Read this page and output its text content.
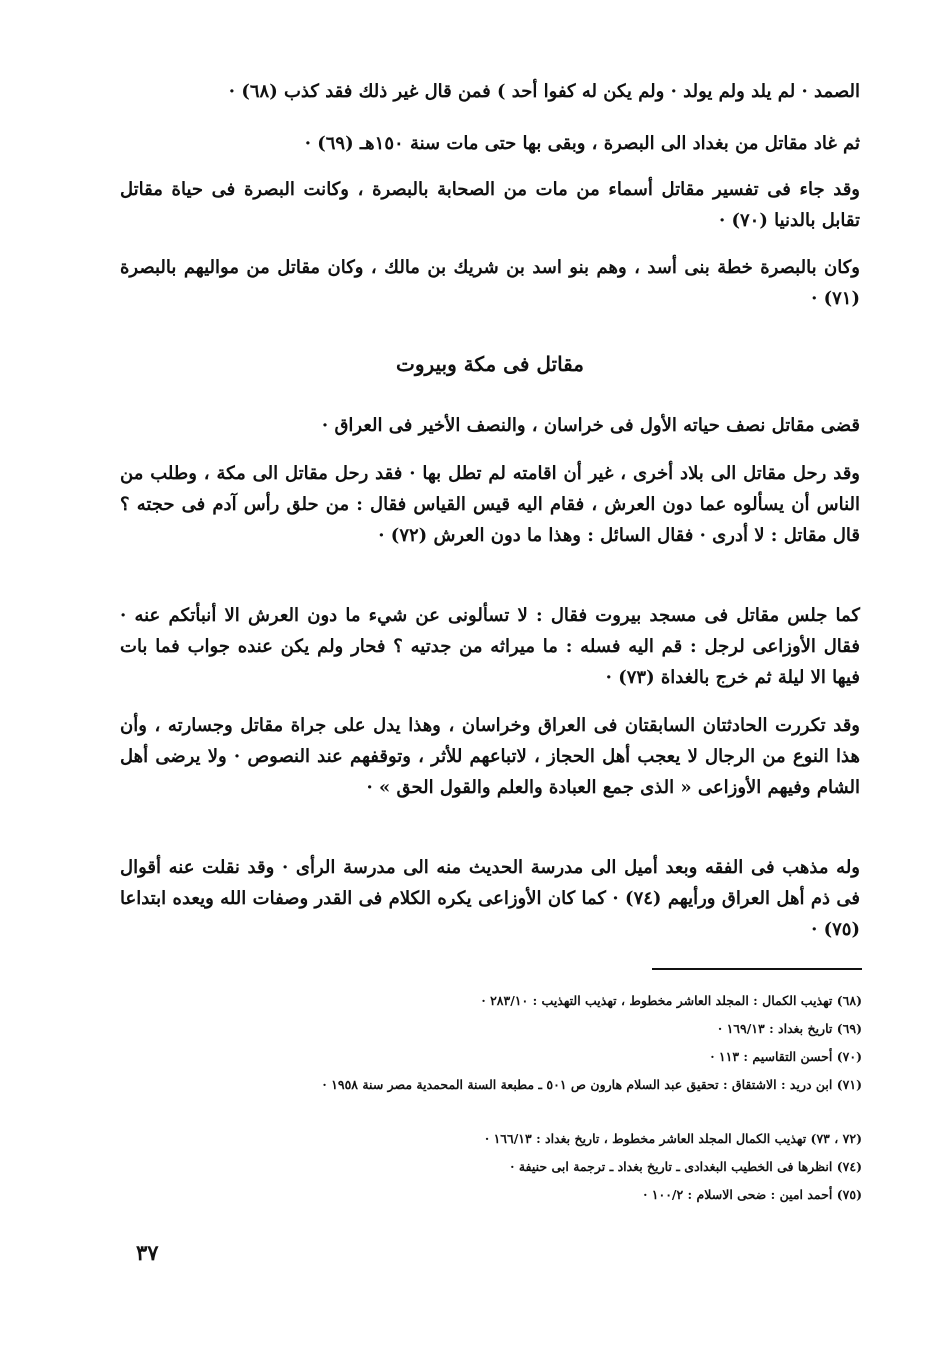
الصمد · لم يلد ولم يولد · ولم يكن له كفوا أحد ) فمن قال غير ذلك فقد كذب (٦٨) ·

ثم غاد مقاتل من بغداد الى البصرة ، وبقى بها حتى مات سنة ١٥٠هـ (٦٩) ·

وقد جاء فى تفسير مقاتل أسماء من مات من الصحابة بالبصرة ، وكانت البصرة فى حياة مقاتل تقابل بالدنيا (٧٠) ·

وكان بالبصرة خطة بنى أسد ، وهم بنو اسد بن شريك بن مالك ، وكان مقاتل من مواليهم بالبصرة (٧١) ·

مقاتل فى مكة وبيروت

قضى مقاتل نصف حياته الأول فى خراسان ، والنصف الأخير فى العراق ·

وقد رحل مقاتل الى بلاد أخرى ، غير أن اقامته لم تطل بها · فقد رحل مقاتل الى مكة ، وطلب من الناس أن يسألوه عما دون العرش ، فقام اليه قيس القياس فقال : من حلق رأس آدم فى حجته ؟ قال مقاتل : لا أدرى · فقال السائل : وهذا ما دون العرش (٧٢) ·

كما جلس مقاتل فى مسجد بيروت فقال : لا تسألونى عن شيء ما دون العرش الا أنبأتكم عنه · فقال الأوزاعى لرجل : قم اليه فسله : ما ميراثه من جدتيه ؟ فحار ولم يكن عنده جواب فما بات فيها الا ليلة ثم خرج بالغداة (٧٣) ·

وقد تكررت الحادثتان السابقتان فى العراق وخراسان ، وهذا يدل على جراة مقاتل وجسارته ، وأن هذا النوع من الرجال لا يعجب أهل الحجاز ، لاتباعهم للأثر ، وتوقفهم عند النصوص · ولا يرضى أهل الشام وفيهم الأوزاعى « الذى جمع العبادة والعلم والقول الحق » ·

وله مذهب فى الفقه وبعد أميل الى مدرسة الحديث منه الى مدرسة الرأى · وقد نقلت عنه أقوال فى ذم أهل العراق ورأيهم (٧٤) · كما كان الأوزاعى يكره الكلام فى القدر وصفات الله ويعده ابتداعا (٧٥) ·

(٦٨) تهذيب الكمال : المجلد العاشر مخطوط ، تهذيب التهذيب : ٢٨٣/١٠ ·

(٦٩) تاريخ بغداد : ١٦٩/١٣ ·

(٧٠) أحسن التقاسيم : ١١٣ ·

(٧١) ابن دريد : الاشتقاق : تحقيق عبد السلام هارون ص ٥٠١ ـ مطبعة السنة المحمدية مصر سنة ١٩٥٨ ·

(٧٢ ، ٧٣) تهذيب الكمال المجلد العاشر مخطوط ، تاريخ بغداد : ١٦٦/١٣ ·

(٧٤) انظرها فى الخطيب البغدادى ـ تاريخ بغداد ـ ترجمة ابى حنيفة ·

(٧٥) أحمد امين : ضحى الاسلام : ١٠٠/٢ ·

٣٧
